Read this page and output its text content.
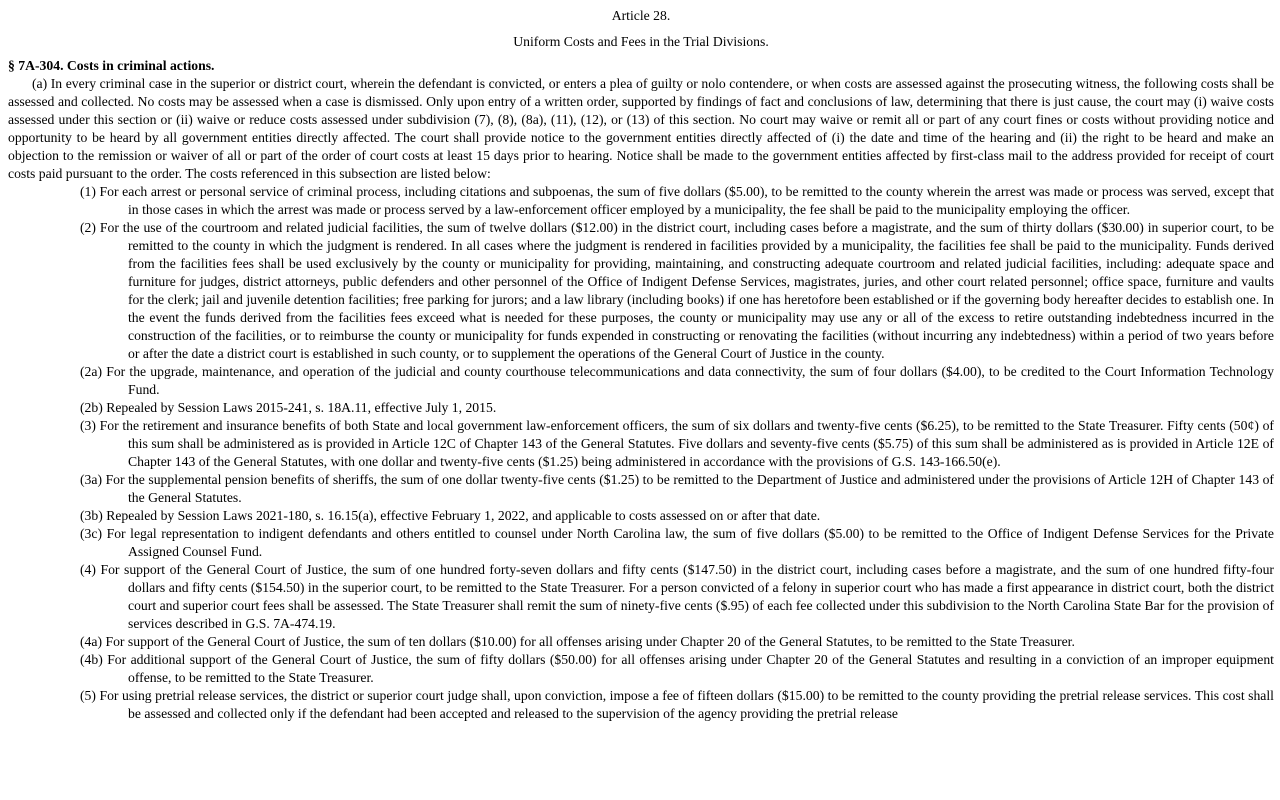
Article 28.

Uniform Costs and Fees in the Trial Divisions.

§ 7A-304. Costs in criminal actions.

(a) In every criminal case in the superior or district court, wherein the defendant is convicted, or enters a plea of guilty or nolo contendere, or when costs are assessed against the prosecuting witness, the following costs shall be assessed and collected. No costs may be assessed when a case is dismissed. Only upon entry of a written order, supported by findings of fact and conclusions of law, determining that there is just cause, the court may (i) waive costs assessed under this section or (ii) waive or reduce costs assessed under subdivision (7), (8), (8a), (11), (12), or (13) of this section. No court may waive or remit all or part of any court fines or costs without providing notice and opportunity to be heard by all government entities directly affected. The court shall provide notice to the government entities directly affected of (i) the date and time of the hearing and (ii) the right to be heard and make an objection to the remission or waiver of all or part of the order of court costs at least 15 days prior to hearing. Notice shall be made to the government entities affected by first-class mail to the address provided for receipt of court costs paid pursuant to the order. The costs referenced in this subsection are listed below:

(1) For each arrest or personal service of criminal process, including citations and subpoenas, the sum of five dollars ($5.00), to be remitted to the county wherein the arrest was made or process was served, except that in those cases in which the arrest was made or process served by a law-enforcement officer employed by a municipality, the fee shall be paid to the municipality employing the officer.

(2) For the use of the courtroom and related judicial facilities, the sum of twelve dollars ($12.00) in the district court, including cases before a magistrate, and the sum of thirty dollars ($30.00) in superior court, to be remitted to the county in which the judgment is rendered. In all cases where the judgment is rendered in facilities provided by a municipality, the facilities fee shall be paid to the municipality. Funds derived from the facilities fees shall be used exclusively by the county or municipality for providing, maintaining, and constructing adequate courtroom and related judicial facilities, including: adequate space and furniture for judges, district attorneys, public defenders and other personnel of the Office of Indigent Defense Services, magistrates, juries, and other court related personnel; office space, furniture and vaults for the clerk; jail and juvenile detention facilities; free parking for jurors; and a law library (including books) if one has heretofore been established or if the governing body hereafter decides to establish one. In the event the funds derived from the facilities fees exceed what is needed for these purposes, the county or municipality may use any or all of the excess to retire outstanding indebtedness incurred in the construction of the facilities, or to reimburse the county or municipality for funds expended in constructing or renovating the facilities (without incurring any indebtedness) within a period of two years before or after the date a district court is established in such county, or to supplement the operations of the General Court of Justice in the county.

(2a) For the upgrade, maintenance, and operation of the judicial and county courthouse telecommunications and data connectivity, the sum of four dollars ($4.00), to be credited to the Court Information Technology Fund.

(2b) Repealed by Session Laws 2015-241, s. 18A.11, effective July 1, 2015.

(3) For the retirement and insurance benefits of both State and local government law-enforcement officers, the sum of six dollars and twenty-five cents ($6.25), to be remitted to the State Treasurer. Fifty cents (50¢) of this sum shall be administered as is provided in Article 12C of Chapter 143 of the General Statutes. Five dollars and seventy-five cents ($5.75) of this sum shall be administered as is provided in Article 12E of Chapter 143 of the General Statutes, with one dollar and twenty-five cents ($1.25) being administered in accordance with the provisions of G.S. 143-166.50(e).

(3a) For the supplemental pension benefits of sheriffs, the sum of one dollar twenty-five cents ($1.25) to be remitted to the Department of Justice and administered under the provisions of Article 12H of Chapter 143 of the General Statutes.

(3b) Repealed by Session Laws 2021-180, s. 16.15(a), effective February 1, 2022, and applicable to costs assessed on or after that date.

(3c) For legal representation to indigent defendants and others entitled to counsel under North Carolina law, the sum of five dollars ($5.00) to be remitted to the Office of Indigent Defense Services for the Private Assigned Counsel Fund.

(4) For support of the General Court of Justice, the sum of one hundred forty-seven dollars and fifty cents ($147.50) in the district court, including cases before a magistrate, and the sum of one hundred fifty-four dollars and fifty cents ($154.50) in the superior court, to be remitted to the State Treasurer. For a person convicted of a felony in superior court who has made a first appearance in district court, both the district court and superior court fees shall be assessed. The State Treasurer shall remit the sum of ninety-five cents ($.95) of each fee collected under this subdivision to the North Carolina State Bar for the provision of services described in G.S. 7A-474.19.

(4a) For support of the General Court of Justice, the sum of ten dollars ($10.00) for all offenses arising under Chapter 20 of the General Statutes, to be remitted to the State Treasurer.

(4b) For additional support of the General Court of Justice, the sum of fifty dollars ($50.00) for all offenses arising under Chapter 20 of the General Statutes and resulting in a conviction of an improper equipment offense, to be remitted to the State Treasurer.

(5) For using pretrial release services, the district or superior court judge shall, upon conviction, impose a fee of fifteen dollars ($15.00) to be remitted to the county providing the pretrial release services. This cost shall be assessed and collected only if the defendant had been accepted and released to the supervision of the agency providing the pretrial release
